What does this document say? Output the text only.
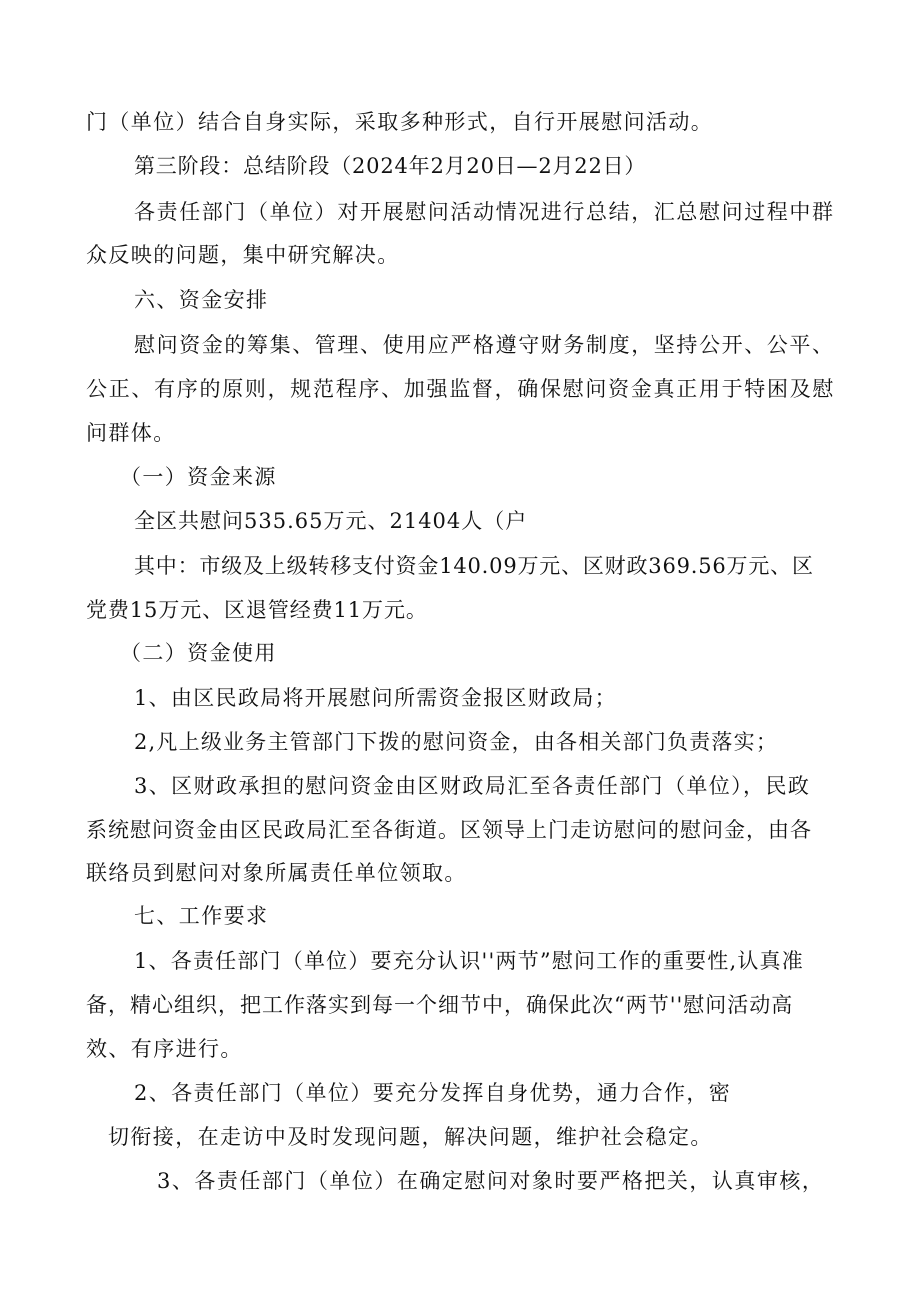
门（单位）结合自身实际，采取多种形式，自行开展慰问活动。
第三阶段：总结阶段（2024年2月20日—2月22日）
各责任部门（单位）对开展慰问活动情况进行总结，汇总慰问过程中群
众反映的问题，集中研究解决。
六、资金安排
慰问资金的筹集、管理、使用应严格遵守财务制度，坚持公开、公平、
公正、有序的原则，规范程序、加强监督，确保慰问资金真正用于特困及慰
问群体。
（一）资金来源
全区共慰问535.65万元、21404人（户
其中：市级及上级转移支付资金140.09万元、区财政369.56万元、区
党费15万元、区退管经费11万元。
（二）资金使用
1、由区民政局将开展慰问所需资金报区财政局；
2,凡上级业务主管部门下拨的慰问资金，由各相关部门负责落实；
3、区财政承担的慰问资金由区财政局汇至各责任部门（单位），民政
系统慰问资金由区民政局汇至各街道。区领导上门走访慰问的慰问金，由各
联络员到慰问对象所属责任单位领取。
七、工作要求
1、各责任部门（单位）要充分认识''两节”慰问工作的重要性,认真准
备，精心组织，把工作落实到每一个细节中，确保此次“两节''慰问活动高
效、有序进行。
2、各责任部门（单位）要充分发挥自身优势，通力合作，密
切衔接，在走访中及时发现问题，解决问题，维护社会稳定。
3、各责任部门（单位）在确定慰问对象时要严格把关，认真审核，
